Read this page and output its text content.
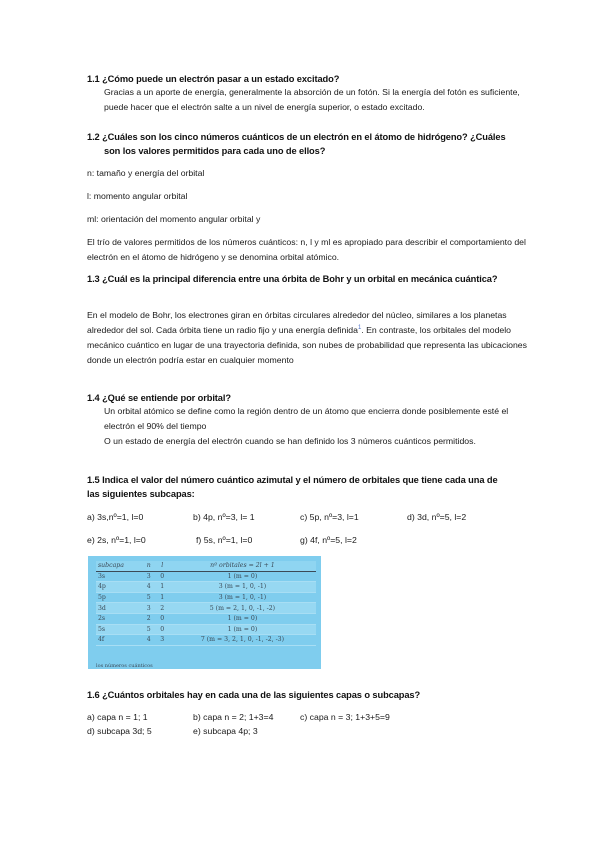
1.1 ¿Cómo puede un electrón pasar a un estado excitado?
Gracias a un aporte de energía, generalmente la absorción de un fotón. Si la energía del fotón es suficiente, puede hacer que el electrón salte a un nivel de energía superior, o estado excitado.
1.2 ¿Cuáles son los cinco números cuánticos de un electrón en el átomo de hidrógeno? ¿Cuáles
son los valores permitidos para cada uno de ellos?
n: tamaño y energía del orbital
l: momento angular orbital
ml: orientación del momento angular orbital y
El trío de valores permitidos de los números cuánticos: n, l y ml es apropiado para describir el comportamiento del electrón en el átomo de hidrógeno y se denomina orbital atómico.
1.3 ¿Cuál es la principal diferencia entre una órbita de Bohr y un orbital en mecánica cuántica?
En el modelo de Bohr, los electrones giran en órbitas circulares alrededor del núcleo, similares a los planetas alrededor del sol. Cada órbita tiene un radio fijo y una energía definida$^1$. En contraste, los orbitales del modelo mecánico cuántico en lugar de una trayectoria definida, son nubes de probabilidad que representa las ubicaciones donde un electrón podría estar en cualquier momento
1.4 ¿Qué se entiende por orbital?
Un orbital atómico se define como la región dentro de un átomo que encierra donde posiblemente esté el electrón el 90% del tiempo
O un estado de energía del electrón cuando se han definido los 3 números cuánticos permitidos.
1.5 Indica el valor del número cuántico azimutal y el número de orbitales que tiene cada una de
las siguientes subcapas:
a) 3s,nº=1, l=0	b) 4p, nº=3, l= 1	c) 5p, nº=3, l=1	d) 3d, nº=5, l=2
e) 2s, nº=1, l=0	f) 5s, nº=1, l=0	g) 4f, nº=5, l=2
subcapa	n	l	nº orbitales = 2l + 1
3s	3	0	1 (m = 0)
4p	4	1	3 (m = 1, 0, -1)
5p	5	1	3 (m = 1, 0, -1)
3d	3	2	5 (m = 2, 1, 0, -1, -2)
2s	2	0	1 (m = 0)
5s	5	0	1 (m = 0)
4f	4	3	7 (m = 3, 2, 1, 0, -1, -2, -3)
los números cuánticos
1.6 ¿Cuántos orbitales hay en cada una de las siguientes capas o subcapas?
a) capa n = 1; 1	b) capa n = 2; 1+3=4	c) capa n = 3; 1+3+5=9
d) subcapa 3d; 5	e) subcapa 4p; 3
